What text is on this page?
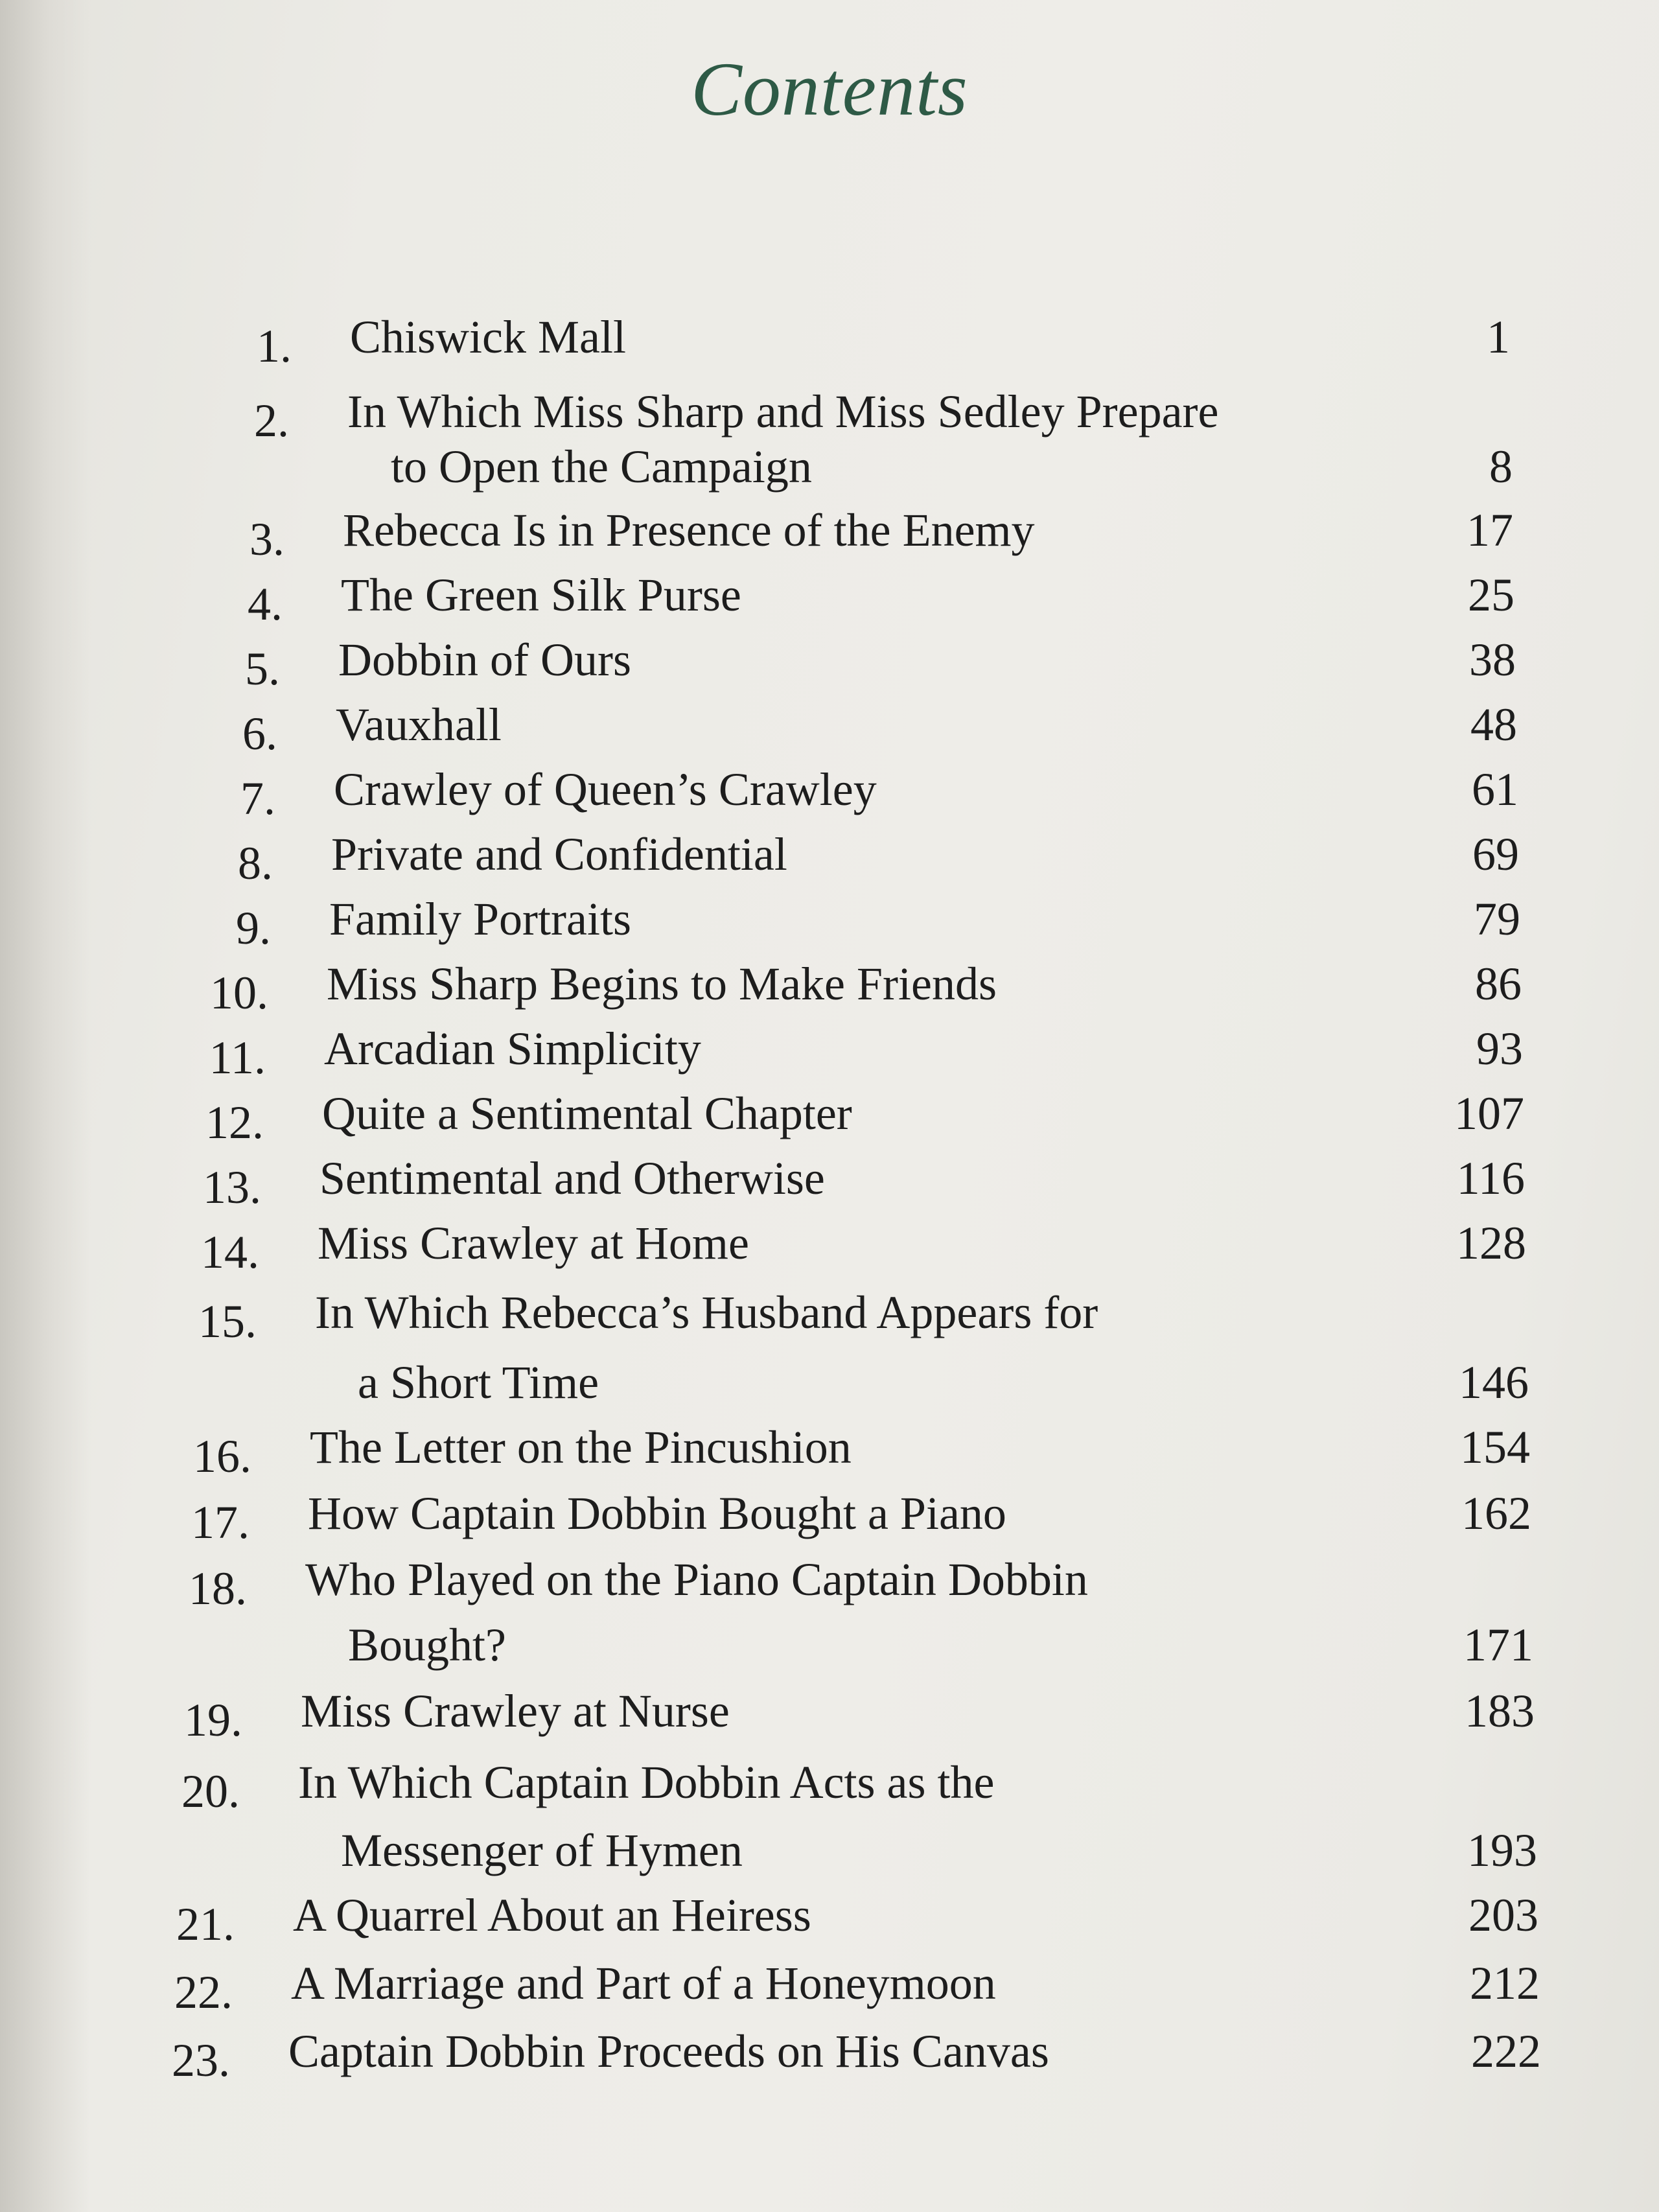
Contents
1. Chiswick Mall	1
2. In Which Miss Sharp and Miss Sedley Prepare
to Open the Campaign	8
3. Rebecca Is in Presence of the Enemy	17
4. The Green Silk Purse	25
5. Dobbin of Ours	38
6. Vauxhall	48
7. Crawley of Queen’s Crawley	61
8. Private and Confidential	69
9. Family Portraits	79
10. Miss Sharp Begins to Make Friends	86
11. Arcadian Simplicity	93
12. Quite a Sentimental Chapter	107
13. Sentimental and Otherwise	116
14. Miss Crawley at Home	128
15. In Which Rebecca’s Husband Appears for
a Short Time	146
16. The Letter on the Pincushion	154
17. How Captain Dobbin Bought a Piano	162
18. Who Played on the Piano Captain Dobbin
Bought?	171
19. Miss Crawley at Nurse	183
20. In Which Captain Dobbin Acts as the
Messenger of Hymen	193
21. A Quarrel About an Heiress	203
22. A Marriage and Part of a Honeymoon	212
23. Captain Dobbin Proceeds on His Canvas	222
